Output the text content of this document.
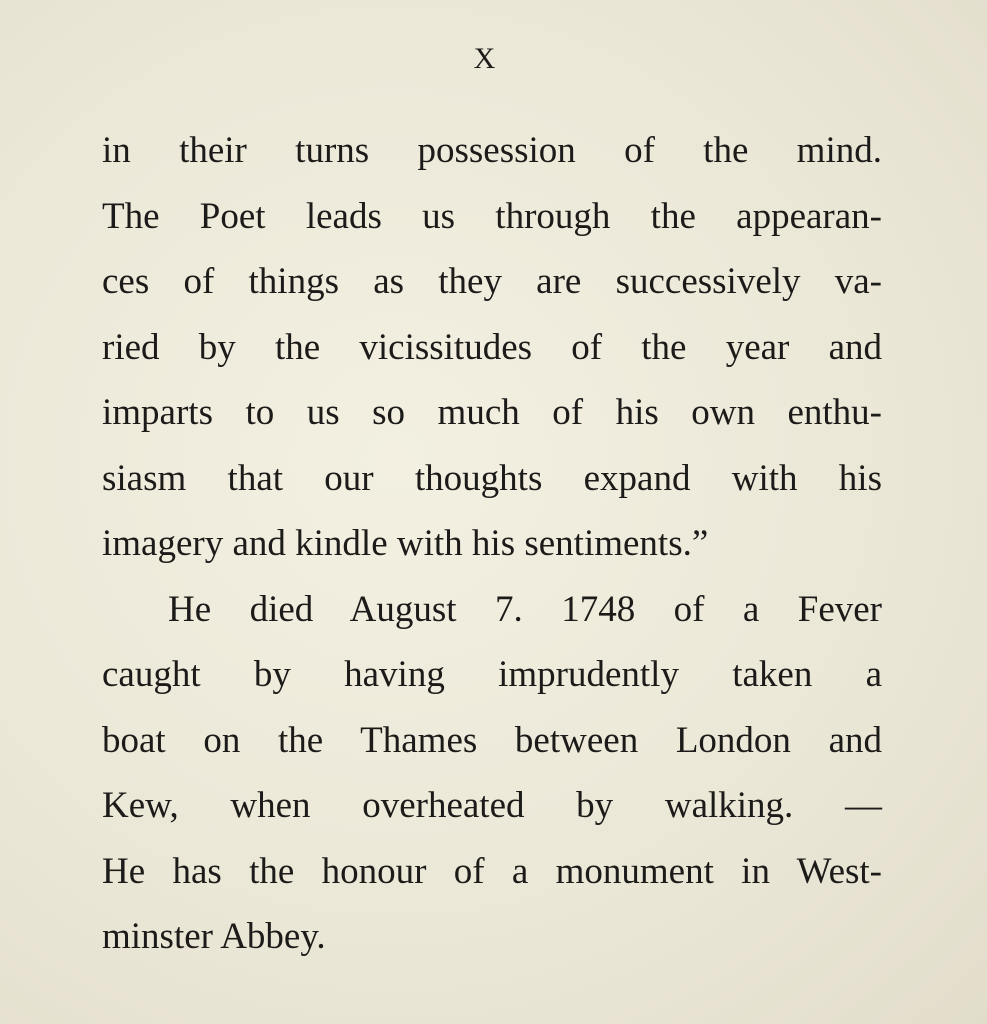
X
in their turns possession of the mind.
The Poet leads us through the appearan-
ces of things as they are successively va-
ried by the vicissitudes of the year and
imparts to us so much of his own enthu-
siasm that our thoughts expand with his
imagery and kindle with his sentiments.”
He died August 7. 1748 of a Fever
caught by having imprudently taken a
boat on the Thames between London and
Kew, when overheated by walking. —
He has the honour of a monument in West-
minster Abbey.
